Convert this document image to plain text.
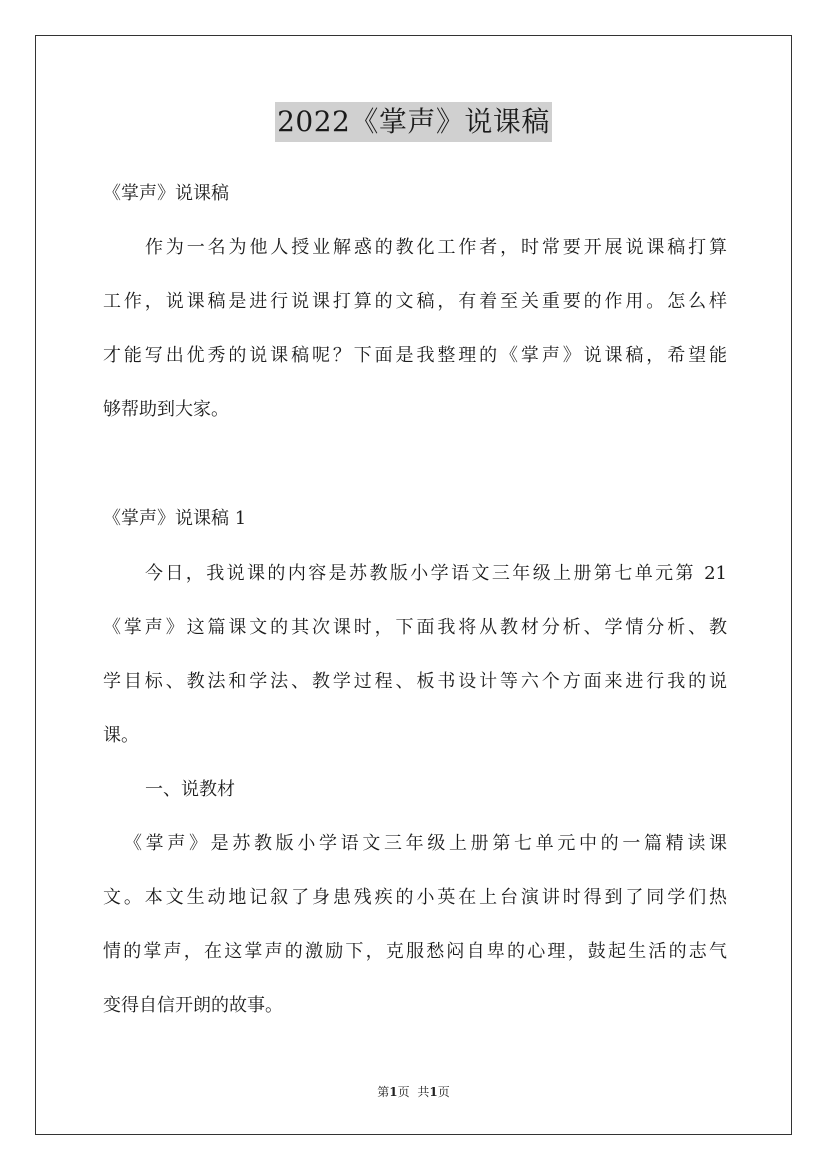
2022《掌声》说课稿
《掌声》说课稿
作为一名为他人授业解惑的教化工作者，时常要开展说课稿打算
工作，说课稿是进行说课打算的文稿，有着至关重要的作用。怎么样
才能写出优秀的说课稿呢？下面是我整理的《掌声》说课稿，希望能
够帮助到大家。
《掌声》说课稿 1
今日，我说课的内容是苏教版小学语文三年级上册第七单元第 21
《掌声》这篇课文的其次课时，下面我将从教材分析、学情分析、教
学目标、教法和学法、教学过程、板书设计等六个方面来进行我的说
课。
一、说教材
《掌声》是苏教版小学语文三年级上册第七单元中的一篇精读课
文。本文生动地记叙了身患残疾的小英在上台演讲时得到了同学们热
情的掌声，在这掌声的激励下，克服愁闷自卑的心理，鼓起生活的志气
变得自信开朗的故事。
第1页 共1页
